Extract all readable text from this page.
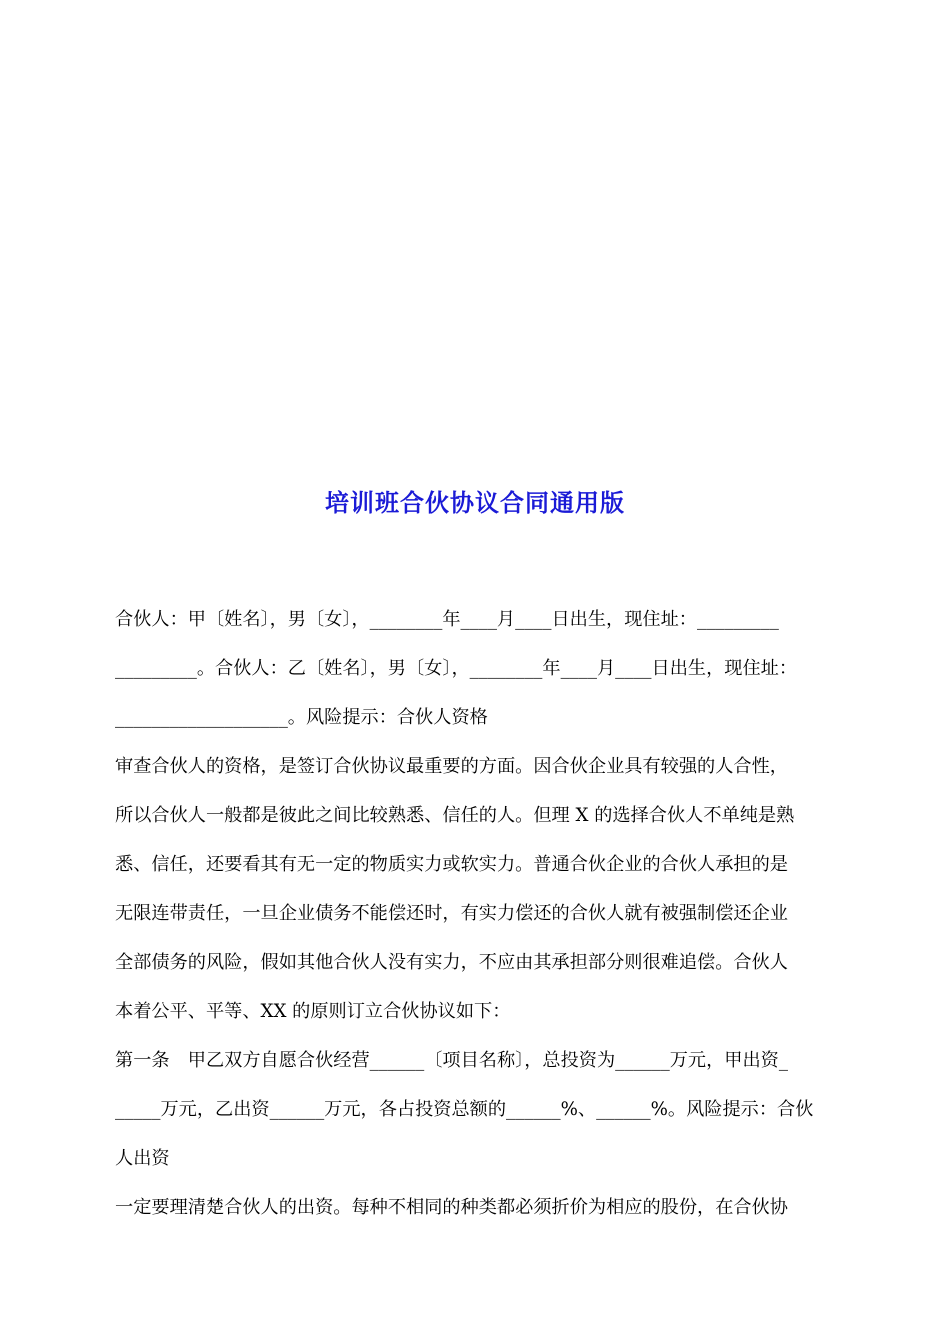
培训班合伙协议合同通用版
合伙人：甲〔姓名〕，男〔女〕，________年____月____日出生，现住址：_________
_________。合伙人：乙〔姓名〕，男〔女〕，________年____月____日出生，现住址：
___________________。风险提示：合伙人资格
审查合伙人的资格，是签订合伙协议最重要的方面。因合伙企业具有较强的人合性，
所以合伙人一般都是彼此之间比较熟悉、信任的人。但理 X 的选择合伙人不单纯是熟
悉、信任，还要看其有无一定的物质实力或软实力。普通合伙企业的合伙人承担的是
无限连带责任，一旦企业债务不能偿还时，有实力偿还的合伙人就有被强制偿还企业
全部债务的风险，假如其他合伙人没有实力，不应由其承担部分则很难追偿。合伙人
本着公平、平等、XX 的原则订立合伙协议如下：
第一条　甲乙双方自愿合伙经营______〔项目名称〕，总投资为______万元，甲出资_
_____万元，乙出资______万元，各占投资总额的______%、______%。风险提示：合伙
人出资
一定要理清楚合伙人的出资。每种不相同的种类都必须折价为相应的股份，在合伙协
